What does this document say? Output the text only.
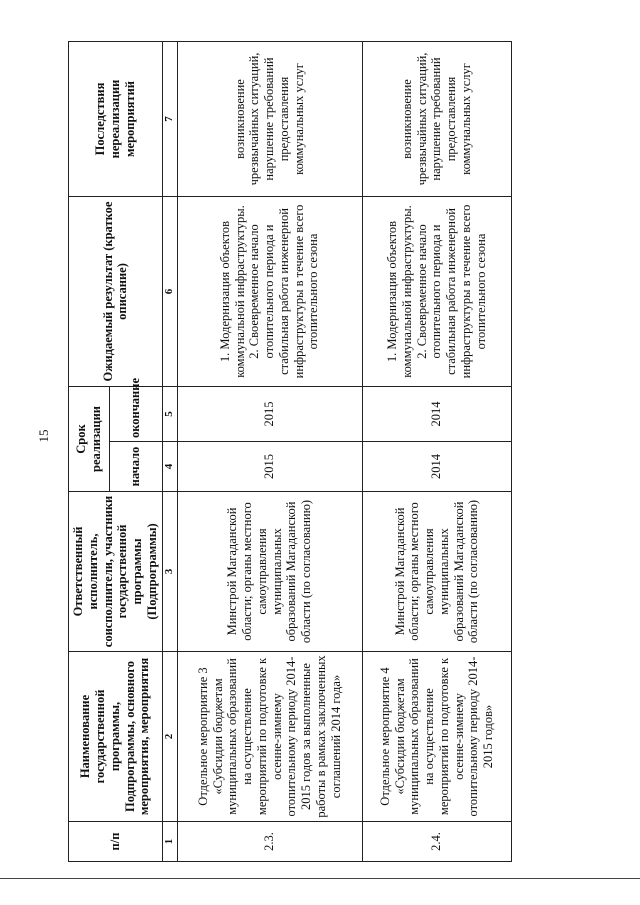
15
п/п	Наименование государственной программы, Подпрограммы, основного мероприятия, мероприятия	Ответственный исполнитель, соисполнители, участники государственной программы (Подпрограммы)	Срок реализации		Ожидаемый результат (краткое описание)	Последствия нереализации мероприятий
			начало	окончание		
1	2	3	4	5	6	7
2.3.	Отдельное мероприятие 3 «Субсидии бюджетам муниципальных образований на осуществление мероприятий по подготовке к осенне-зимнему отопительному периоду 2014-2015 годов за выполненные работы в рамках заключенных соглашений 2014 года»	Минстрой Магаданской области; органы местного самоуправления муниципальных образований Магаданской области (по согласованию)	2015	2015	1. Модернизация объектов коммунальной инфраструктуры. 2. Своевременное начало отопительного периода и стабильная работа инженерной инфраструктуры в течение всего отопительного сезона	возникновение чрезвычайных ситуаций, нарушение требований предоставления коммунальных услуг
2.4.	Отдельное мероприятие 4 «Субсидии бюджетам муниципальных образований на осуществление мероприятий по подготовке к осенне-зимнему отопительному периоду 2014-2015 годов»	Минстрой Магаданской области; органы местного самоуправления муниципальных образований Магаданской области (по согласованию)	2014	2014	1. Модернизация объектов коммунальной инфраструктуры. 2. Своевременное начало отопительного периода и стабильная работа инженерной инфраструктуры в течение всего отопительного сезона	возникновение чрезвычайных ситуаций, нарушение требований предоставления коммунальных услуг
